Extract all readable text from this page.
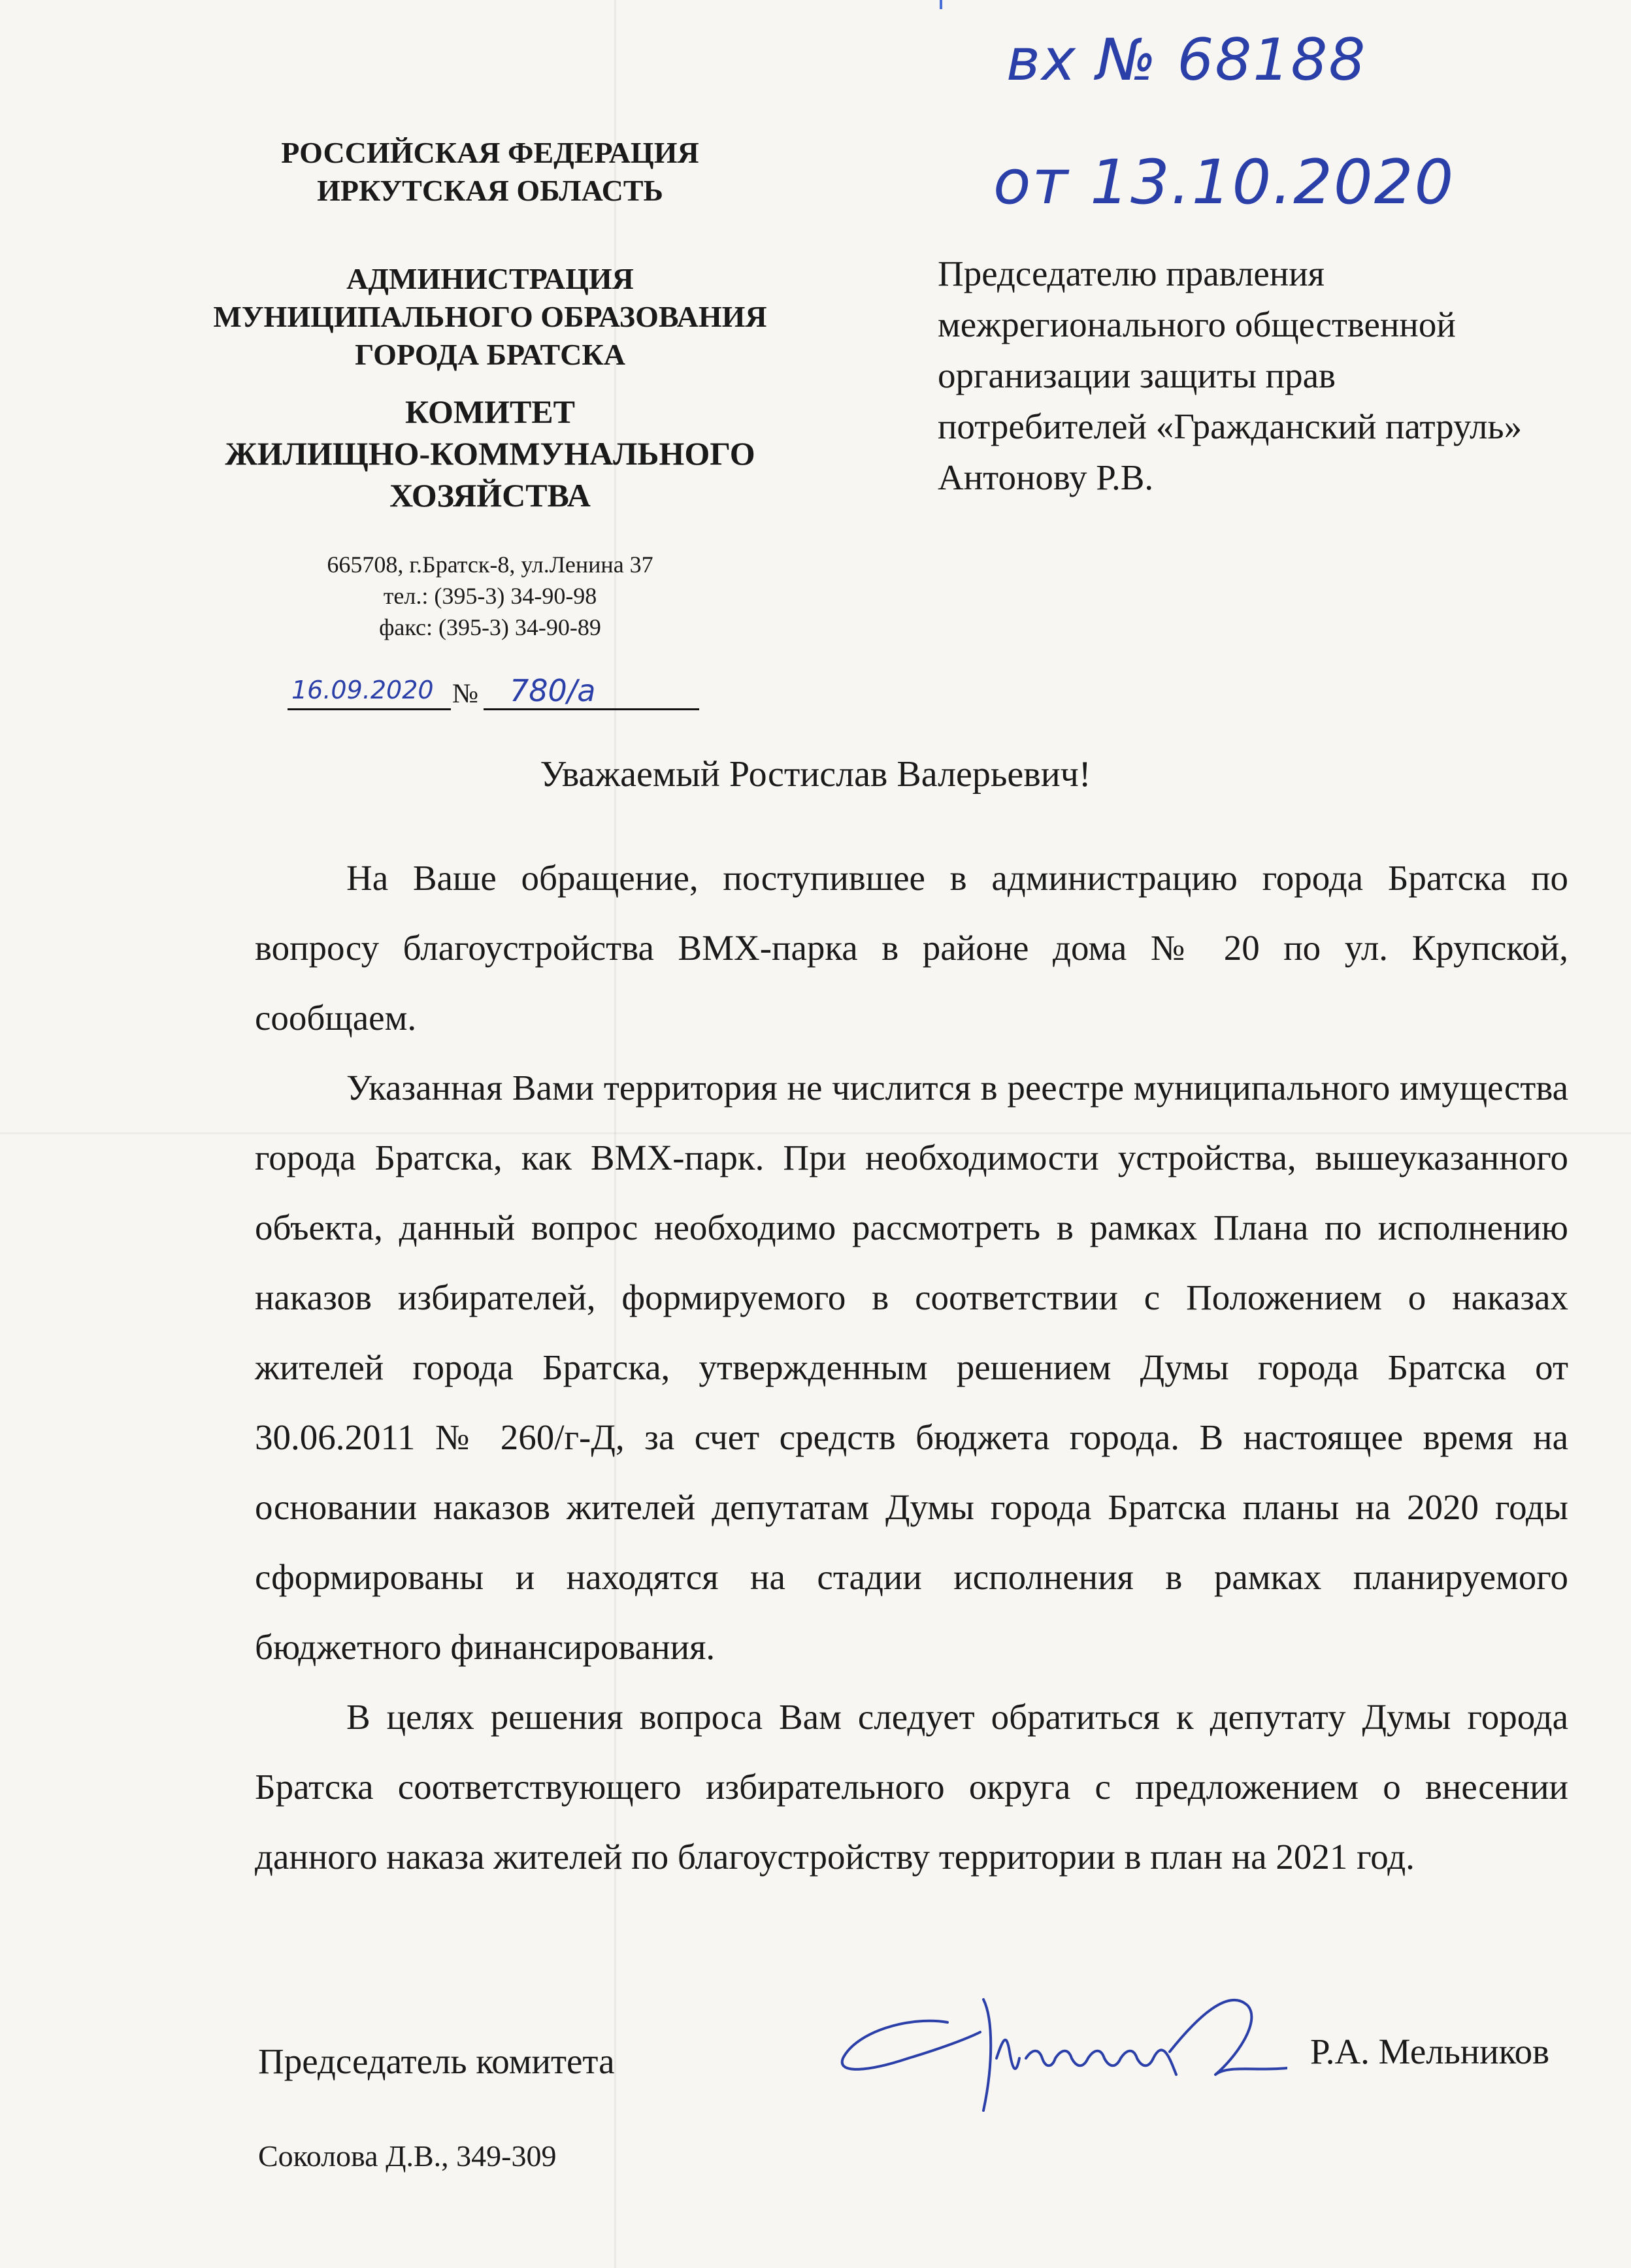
РОССИЙСКАЯ ФЕДЕРАЦИЯ
ИРКУТСКАЯ ОБЛАСТЬ
АДМИНИСТРАЦИЯ
МУНИЦИПАЛЬНОГО ОБРАЗОВАНИЯ
ГОРОДА БРАТСКА
КОМИТЕТ
ЖИЛИЩНО-КОММУНАЛЬНОГО
ХОЗЯЙСТВА
665708, г.Братск-8, ул.Ленина 37
тел.: (395-3) 34-90-98
факс: (395-3) 34-90-89
16.09.2020 № 780/а
вх № 68188
от 13.10.2020
Председателю правления
межрегионального общественной
организации защиты прав
потребителей «Гражданский патруль»
Антонову Р.В.
Уважаемый Ростислав Валерьевич!

На Ваше обращение, поступившее в администрацию города Братска по вопросу благоустройства ВМХ-парка в районе дома № 20 по ул. Крупской, сообщаем.

Указанная Вами территория не числится в реестре муниципального имущества города Братска, как ВМХ-парк. При необходимости устройства, вышеуказанного объекта, данный вопрос необходимо рассмотреть в рамках Плана по исполнению наказов избирателей, формируемого в соответствии с Положением о наказах жителей города Братска, утвержденным решением Думы города Братска от 30.06.2011 № 260/г-Д, за счет средств бюджета города. В настоящее время на основании наказов жителей депутатам Думы города Братска планы на 2020 годы сформированы и находятся на стадии исполнения в рамках планируемого бюджетного финансирования.

В целях решения вопроса Вам следует обратиться к депутату Думы города Братска соответствующего избирательного округа с предложением о внесении данного наказа жителей по благоустройству территории в план на 2021 год.

Председатель комитета	Р.А. Мельников
Соколова Д.В., 349-309
